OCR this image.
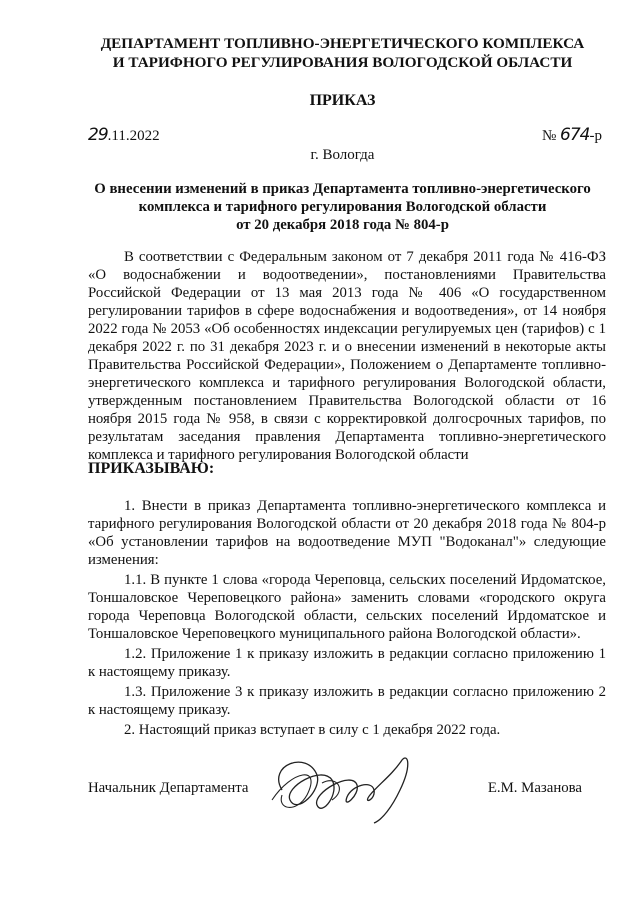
ДЕПАРТАМЕНТ ТОПЛИВНО-ЭНЕРГЕТИЧЕСКОГО КОМПЛЕКСА
И ТАРИФНОГО РЕГУЛИРОВАНИЯ ВОЛОГОДСКОЙ ОБЛАСТИ
ПРИКАЗ
29.11.2022	№ 674-р
г. Вологда
О внесении изменений в приказ Департамента топливно-энергетического
комплекса и тарифного регулирования Вологодской области
от 20 декабря 2018 года № 804-р

В соответствии с Федеральным законом от 7 декабря 2011 года № 416-ФЗ «О водоснабжении и водоотведении», постановлениями Правительства Российской Федерации от 13 мая 2013 года № 406 «О государственном регулировании тарифов в сфере водоснабжения и водоотведения», от 14 ноября 2022 года № 2053 «Об особенностях индексации регулируемых цен (тарифов) с 1 декабря 2022 г. по 31 декабря 2023 г. и о внесении изменений в некоторые акты Правительства Российской Федерации», Положением о Департаменте топливно-энергетического комплекса и тарифного регулирования Вологодской области, утвержденным постановлением Правительства Вологодской области от 16 ноября 2015 года № 958, в связи с корректировкой долгосрочных тарифов, по результатам заседания правления Департамента топливно-энергетического комплекса и тарифного регулирования Вологодской области

ПРИКАЗЫВАЮ:

1. Внести в приказ Департамента топливно-энергетического комплекса и тарифного регулирования Вологодской области от 20 декабря 2018 года № 804-р «Об установлении тарифов на водоотведение МУП "Водоканал"» следующие изменения:

1.1. В пункте 1 слова «города Череповца, сельских поселений Ирдоматское, Тоншаловское Череповецкого района» заменить словами «городского округа города Череповца Вологодской области, сельских поселений Ирдоматское и Тоншаловское Череповецкого муниципального района Вологодской области».

1.2. Приложение 1 к приказу изложить в редакции согласно приложению 1 к настоящему приказу.

1.3. Приложение 3 к приказу изложить в редакции согласно приложению 2 к настоящему приказу.

2. Настоящий приказ вступает в силу с 1 декабря 2022 года.

Начальник Департамента	Е.М. Мазанова
